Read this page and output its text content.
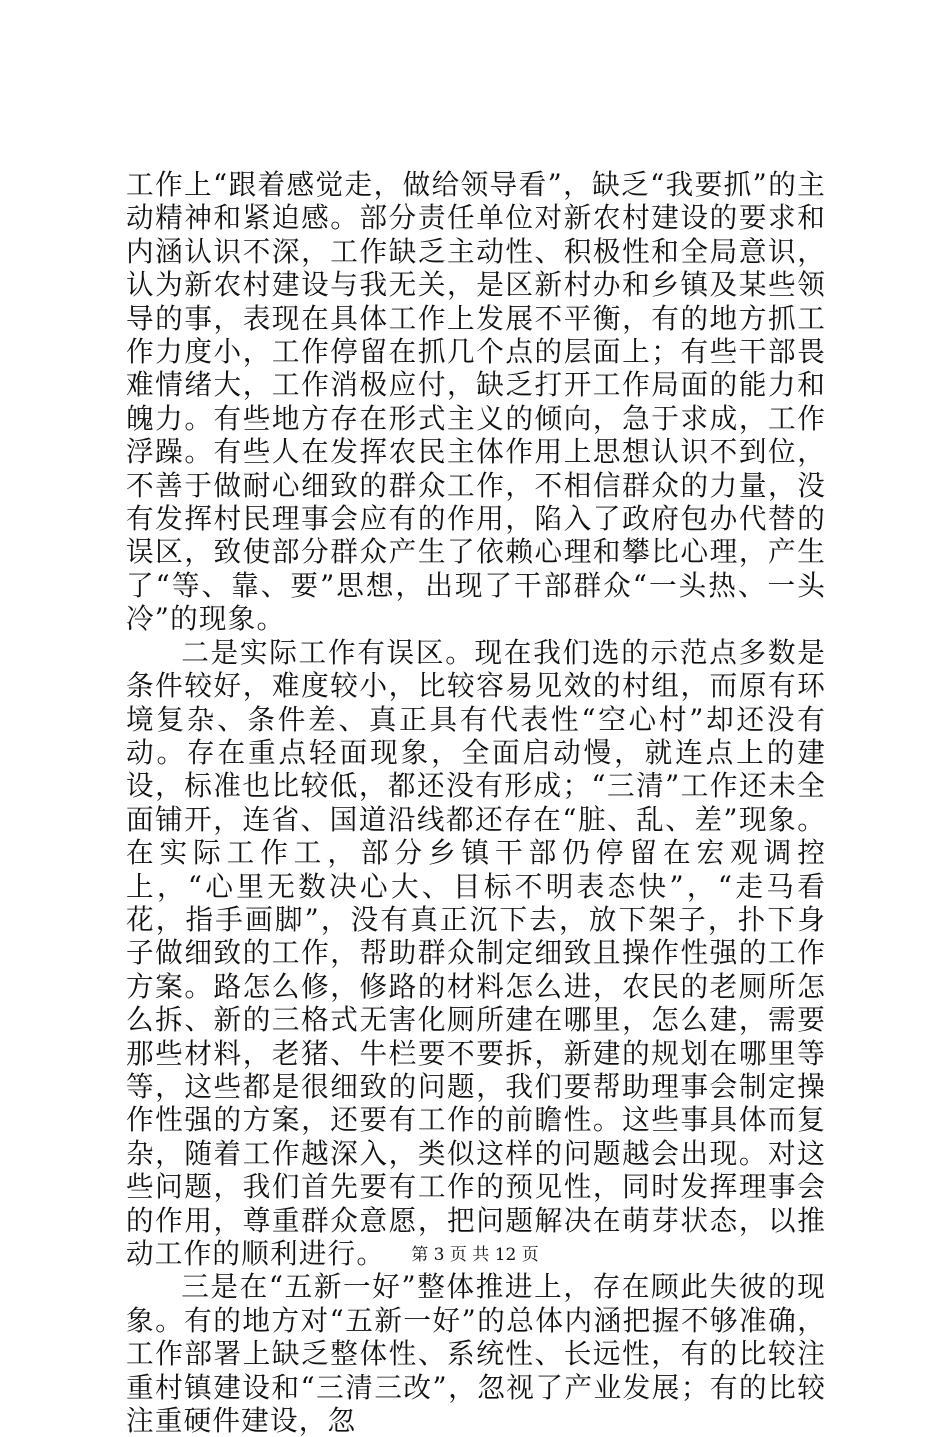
工作上“跟着感觉走，做给领导看”，缺乏“我要抓”的主动精神和紧迫感。部分责任单位对新农村建设的要求和内涵认识不深，工作缺乏主动性、积极性和全局意识，认为新农村建设与我无关，是区新村办和乡镇及某些领导的事，表现在具体工作上发展不平衡，有的地方抓工作力度小，工作停留在抓几个点的层面上；有些干部畏难情绪大，工作消极应付，缺乏打开工作局面的能力和魄力。有些地方存在形式主义的倾向，急于求成，工作浮躁。有些人在发挥农民主体作用上思想认识不到位，不善于做耐心细致的群众工作，不相信群众的力量，没有发挥村民理事会应有的作用，陷入了政府包办代替的误区，致使部分群众产生了依赖心理和攀比心理，产生了“等、靠、要”思想，出现了干部群众“一头热、一头冷”的现象。

二是实际工作有误区。现在我们选的示范点多数是条件较好，难度较小，比较容易见效的村组，而原有环境复杂、条件差、真正具有代表性“空心村”却还没有动。存在重点轻面现象，全面启动慢，就连点上的建设，标准也比较低，都还没有形成；“三清”工作还未全面铺开，连省、国道沿线都还存在“脏、乱、差”现象。在实际工作工，部分乡镇干部仍停留在宏观调控上，“心里无数决心大、目标不明表态快”，“走马看花，指手画脚”，没有真正沉下去，放下架子，扑下身子做细致的工作，帮助群众制定细致且操作性强的工作方案。路怎么修，修路的材料怎么进，农民的老厕所怎么拆、新的三格式无害化厕所建在哪里，怎么建，需要那些材料，老猪、牛栏要不要拆，新建的规划在哪里等等，这些都是很细致的问题，我们要帮助理事会制定操作性强的方案，还要有工作的前瞻性。这些事具体而复杂，随着工作越深入，类似这样的问题越会出现。对这些问题，我们首先要有工作的预见性，同时发挥理事会的作用，尊重群众意愿，把问题解决在萌芽状态，以推动工作的顺利进行。

三是在“五新一好”整体推进上，存在顾此失彼的现象。有的地方对“五新一好”的总体内涵把握不够准确，工作部署上缺乏整体性、系统性、长远性，有的比较注重村镇建设和“三清三改”，忽视了产业发展；有的比较注重硬件建设，忽

第 3 页 共 12 页
